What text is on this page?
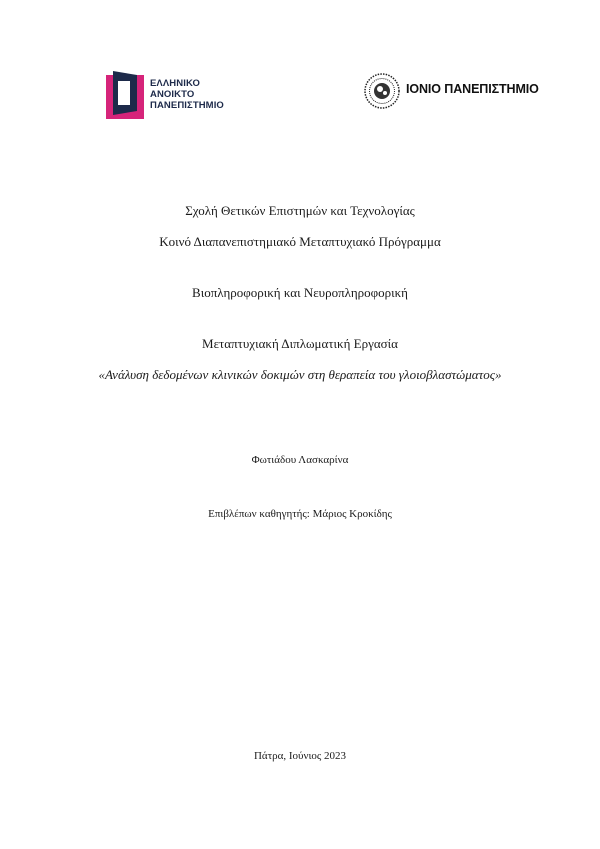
ΕΛΛΗΝΙΚΟ
ΑΝΟΙΚΤΟ
ΠΑΝΕΠΙΣΤΗΜΙΟ
ΙΟΝΙΟ ΠΑΝΕΠΙΣΤΗΜΙΟ
Σχολή Θετικών Επιστημών και Τεχνολογίας
Κοινό Διαπανεπιστημιακό Μεταπτυχιακό Πρόγραμμα
Βιοπληροφορική και Νευροπληροφορική
Μεταπτυχιακή Διπλωματική Εργασία
«Ανάλυση δεδομένων κλινικών δοκιμών στη θεραπεία του γλοιοβλαστώματος»
Φωτιάδου Λασκαρίνα
Επιβλέπων καθηγητής: Μάριος Κροκίδης
Πάτρα, Ιούνιος 2023
